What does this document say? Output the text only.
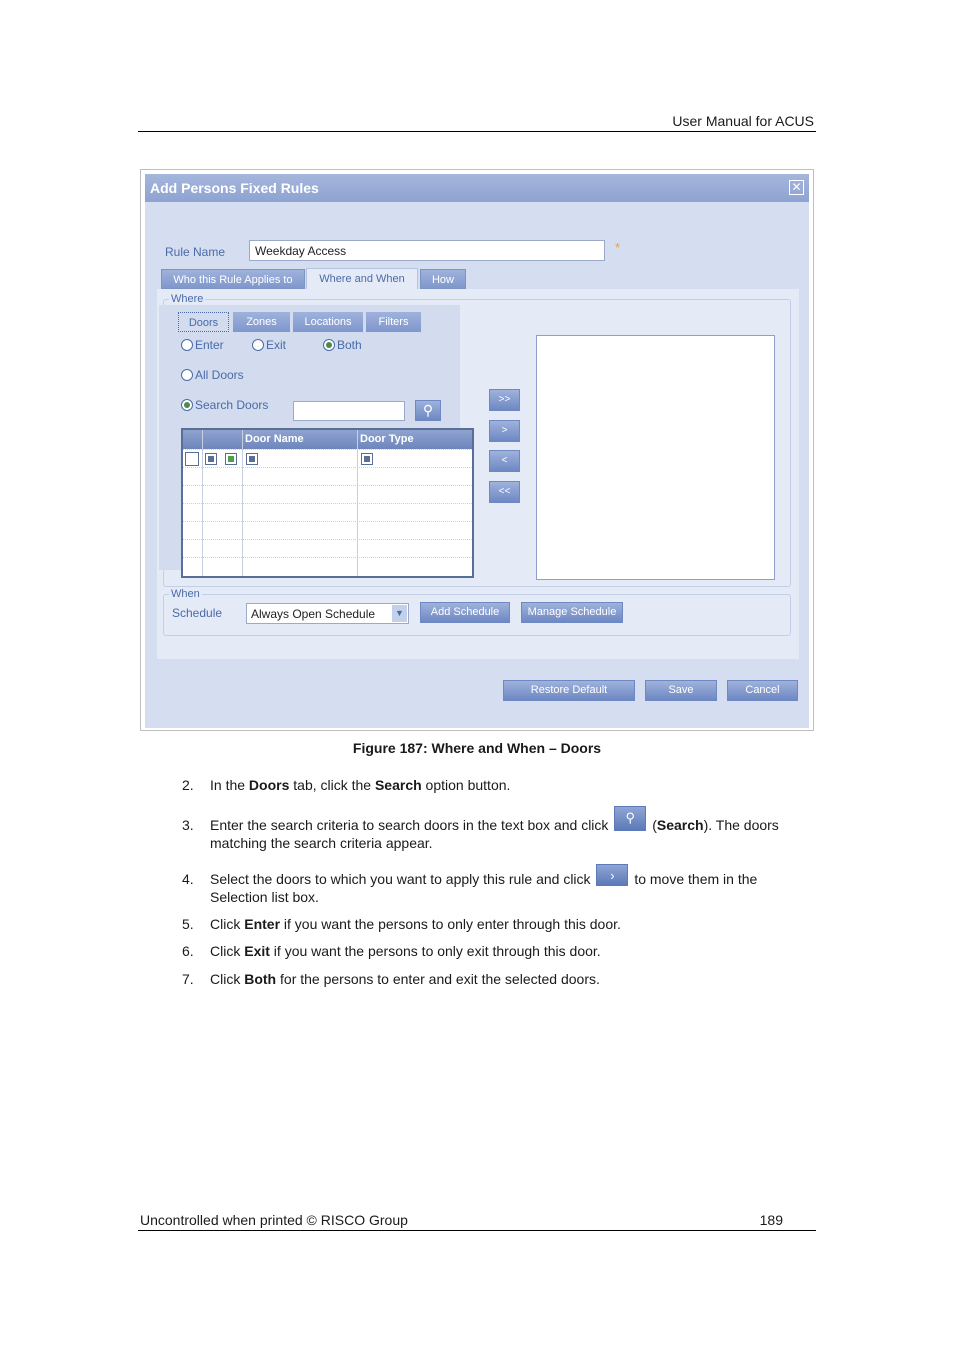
User Manual for ACUS
Add Persons Fixed Rules	✕
Rule Name	Weekday Access	*
Who this Rule Applies to	Where and When	How
Where
When
Doors	Zones	Locations	Filters
Enter	Exit	Both
All Doors
Search Doors	⚲
Door Name	Door Type
>>
>
<
<<
Schedule	Always Open Schedule	▼	Add Schedule	Manage Schedule
Restore Default	Save	Cancel
Figure 187: Where and When – Doors
2. In the Doors tab, click the Search option button.
3. Enter the search criteria to search doors in the text box and click ⚲ (Search). The doors matching the search criteria appear.
4. Select the doors to which you want to apply this rule and click › to move them in the Selection list box.
5. Click Enter if you want the persons to only enter through this door.
6. Click Exit if you want the persons to only exit through this door.
7. Click Both for the persons to enter and exit the selected doors.
Uncontrolled when printed © RISCO Group	189
